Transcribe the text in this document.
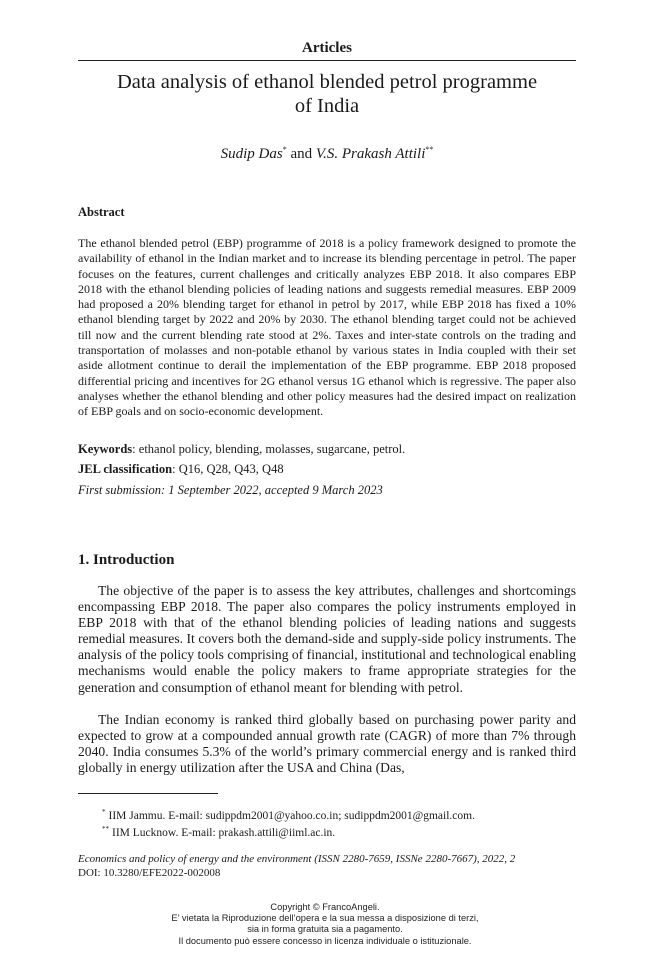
Articles
Data analysis of ethanol blended petrol programme
of India
Sudip Das* and V.S. Prakash Attili**
Abstract

The ethanol blended petrol (EBP) programme of 2018 is a policy framework designed to promote the availability of ethanol in the Indian market and to increase its blending percentage in petrol. The paper focuses on the features, current challenges and critically analyzes EBP 2018. It also compares EBP 2018 with the ethanol blending policies of leading nations and suggests remedial measures. EBP 2009 had proposed a 20% blending target for ethanol in petrol by 2017, while EBP 2018 has fixed a 10% ethanol blending target by 2022 and 20% by 2030. The ethanol blending target could not be achieved till now and the current blending rate stood at 2%. Taxes and inter-state controls on the trading and transportation of molasses and non-potable ethanol by various states in India coupled with their set aside allotment continue to derail the implementation of the EBP programme. EBP 2018 proposed differential pricing and incentives for 2G ethanol versus 1G ethanol which is regressive. The paper also analyses whether the ethanol blending and other policy measures had the desired impact on realization of EBP goals and on socio-economic development.

Keywords: ethanol policy, blending, molasses, sugarcane, petrol.
JEL classification: Q16, Q28, Q43, Q48
First submission: 1 September 2022, accepted 9 March 2023
1. Introduction

The objective of the paper is to assess the key attributes, challenges and shortcomings encompassing EBP 2018. The paper also compares the policy instruments employed in EBP 2018 with that of the ethanol blending policies of leading nations and suggests remedial measures. It covers both the demand-side and supply-side policy instruments. The analysis of the policy tools comprising of financial, institutional and technological enabling mechanisms would enable the policy makers to frame appropriate strategies for the generation and consumption of ethanol meant for blending with petrol.

The Indian economy is ranked third globally based on purchasing power parity and expected to grow at a compounded annual growth rate (CAGR) of more than 7% through 2040. India consumes 5.3% of the world’s primary commercial energy and is ranked third globally in energy utilization after the USA and China (Das,

* IIM Jammu. E-mail: sudippdm2001@yahoo.co.in; sudippdm2001@gmail.com.
** IIM Lucknow. E-mail: prakash.attili@iiml.ac.in.
Economics and policy of energy and the environment (ISSN 2280-7659, ISSNe 2280-7667), 2022, 2
DOI: 10.3280/EFE2022-002008
Copyright © FrancoAngeli.
E’ vietata la Riproduzione dell’opera e la sua messa a disposizione di terzi,
sia in forma gratuita sia a pagamento.
Il documento può essere concesso in licenza individuale o istituzionale.
